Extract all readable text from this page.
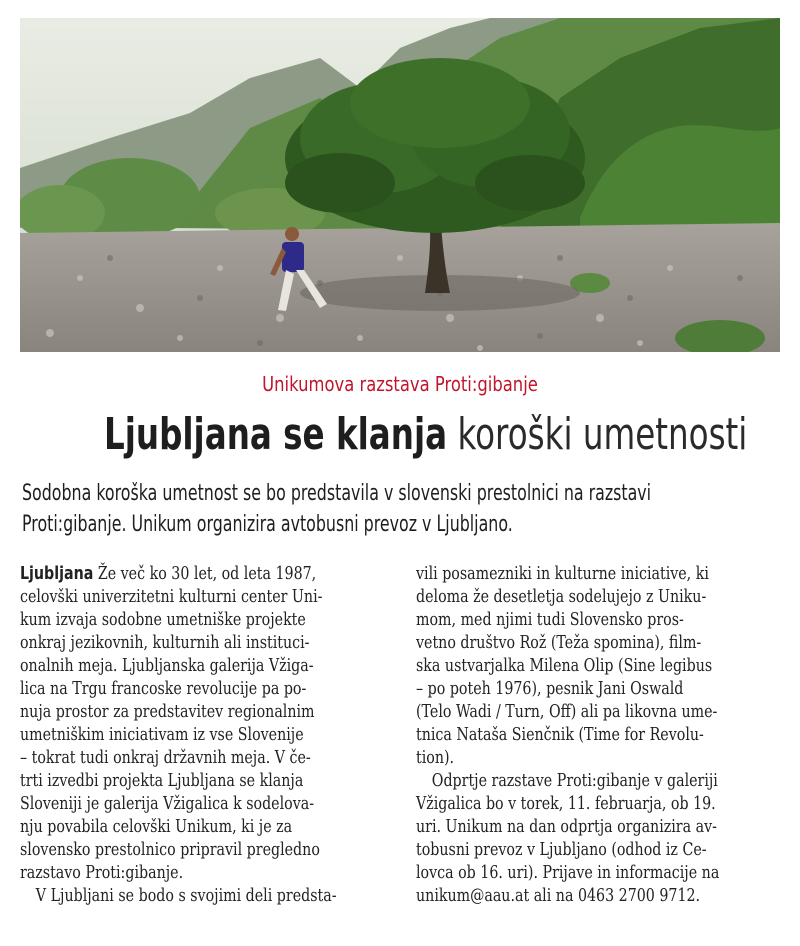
Unikumova razstava Proti:gibanje
Ljubljana se klanja koroški umetnosti
Sodobna koroška umetnost se bo predstavila v slovenski prestolnici na razstavi
Proti:gibanje. Unikum organizira avtobusni prevoz v Ljubljano.
Ljubljana Že več ko 30 let, od leta 1987,
celovški univerzitetni kulturni center Uni-
kum izvaja sodobne umetniške projekte
onkraj jezikovnih, kulturnih ali instituci-
onalnih meja. Ljubljanska galerija Vžiga-
lica na Trgu francoske revolucije pa po-
nuja prostor za predstavitev regionalnim
umetniškim iniciativam iz vse Slovenije
– tokrat tudi onkraj državnih meja. V če-
trti izvedbi projekta Ljubljana se klanja
Sloveniji je galerija Vžigalica k sodelova-
nju povabila celovški Unikum, ki je za
slovensko prestolnico pripravil pregledno
razstavo Proti:gibanje.
V Ljubljani se bodo s svojimi deli predsta-
vili posamezniki in kulturne iniciative, ki
deloma že desetletja sodelujejo z Uniku-
mom, med njimi tudi Slovensko pros-
vetno društvo Rož (Teža spomina), film-
ska ustvarjalka Milena Olip (Sine legibus
– po poteh 1976), pesnik Jani Oswald
(Telo Wadi / Turn, Off) ali pa likovna ume-
tnica Nataša Sienčnik (Time for Revolu-
tion).
Odprtje razstave Proti:gibanje v galeriji
Vžigalica bo v torek, 11. februarja, ob 19.
uri. Unikum na dan odprtja organizira av-
tobusni prevoz v Ljubljano (odhod iz Ce-
lovca ob 16. uri). Prijave in informacije na
unikum@aau.at ali na 0463 2700 9712.
